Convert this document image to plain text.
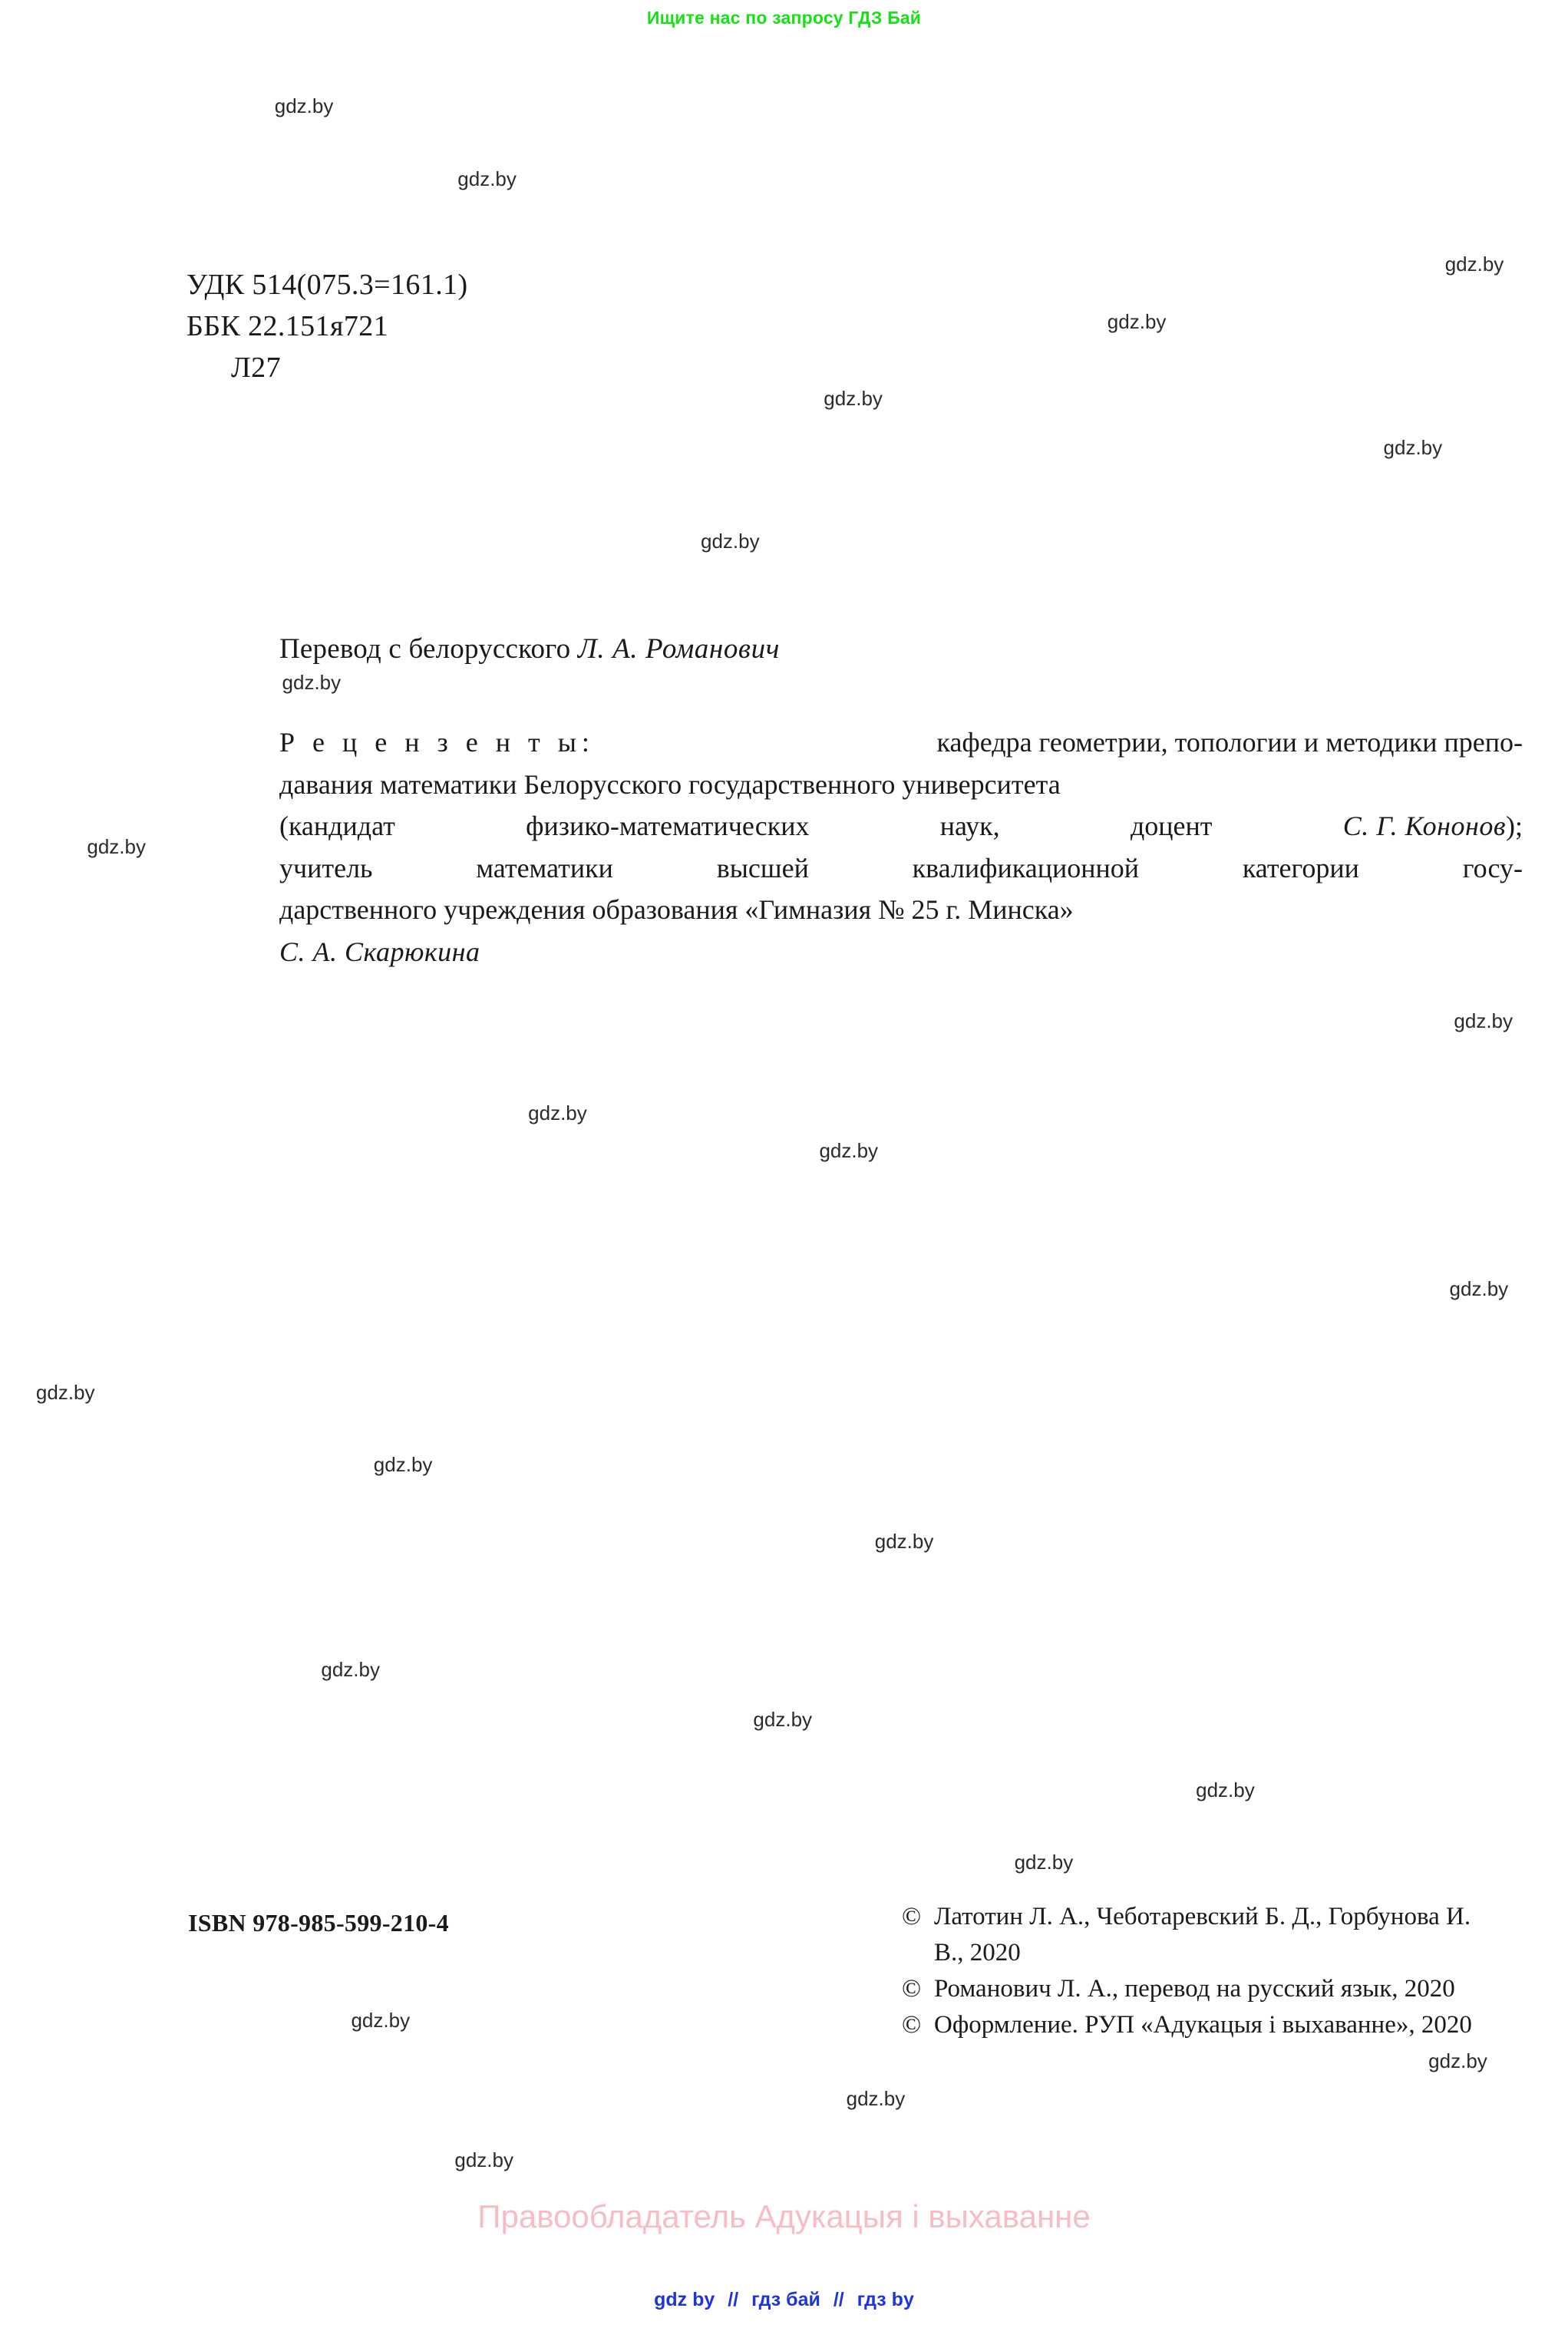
Ищите нас по запросу ГДЗ Бай
gdz.by
gdz.by
gdz.by
gdz.by
gdz.by
gdz.by
gdz.by
gdz.by
gdz.by
gdz.by
gdz.by
gdz.by
gdz.by
gdz.by
gdz.by
gdz.by
gdz.by
gdz.by
gdz.by
gdz.by
gdz.by
gdz.by
gdz.by
gdz.by
УДК 514(075.3=161.1)
ББК 22.151я721
Л27
Перевод с белорусского Л. А. Романович
Р е ц е н з е н т ы:	кафедра геометрии, топологии и методики препо-
давания математики Белорусского государственного университета
(кандидат	физико-математических	наук,	доцент	С. Г. Кононов);
учитель	математики	высшей	квалификационной	категории	госу-
дарственного учреждения образования «Гимназия № 25 г. Минска»
С. А. Скарюкина
ISBN 978-985-599-210-4	© Латотин Л. А., Чеботаревский Б. Д., Горбунова И. В., 2020
© Романович Л. А., перевод на русский язык, 2020
© Оформление. РУП «Адукацыя і выхаванне», 2020
Правообладатель Адукацыя і выхаванне
gdz by // гдз бай // гдз by
